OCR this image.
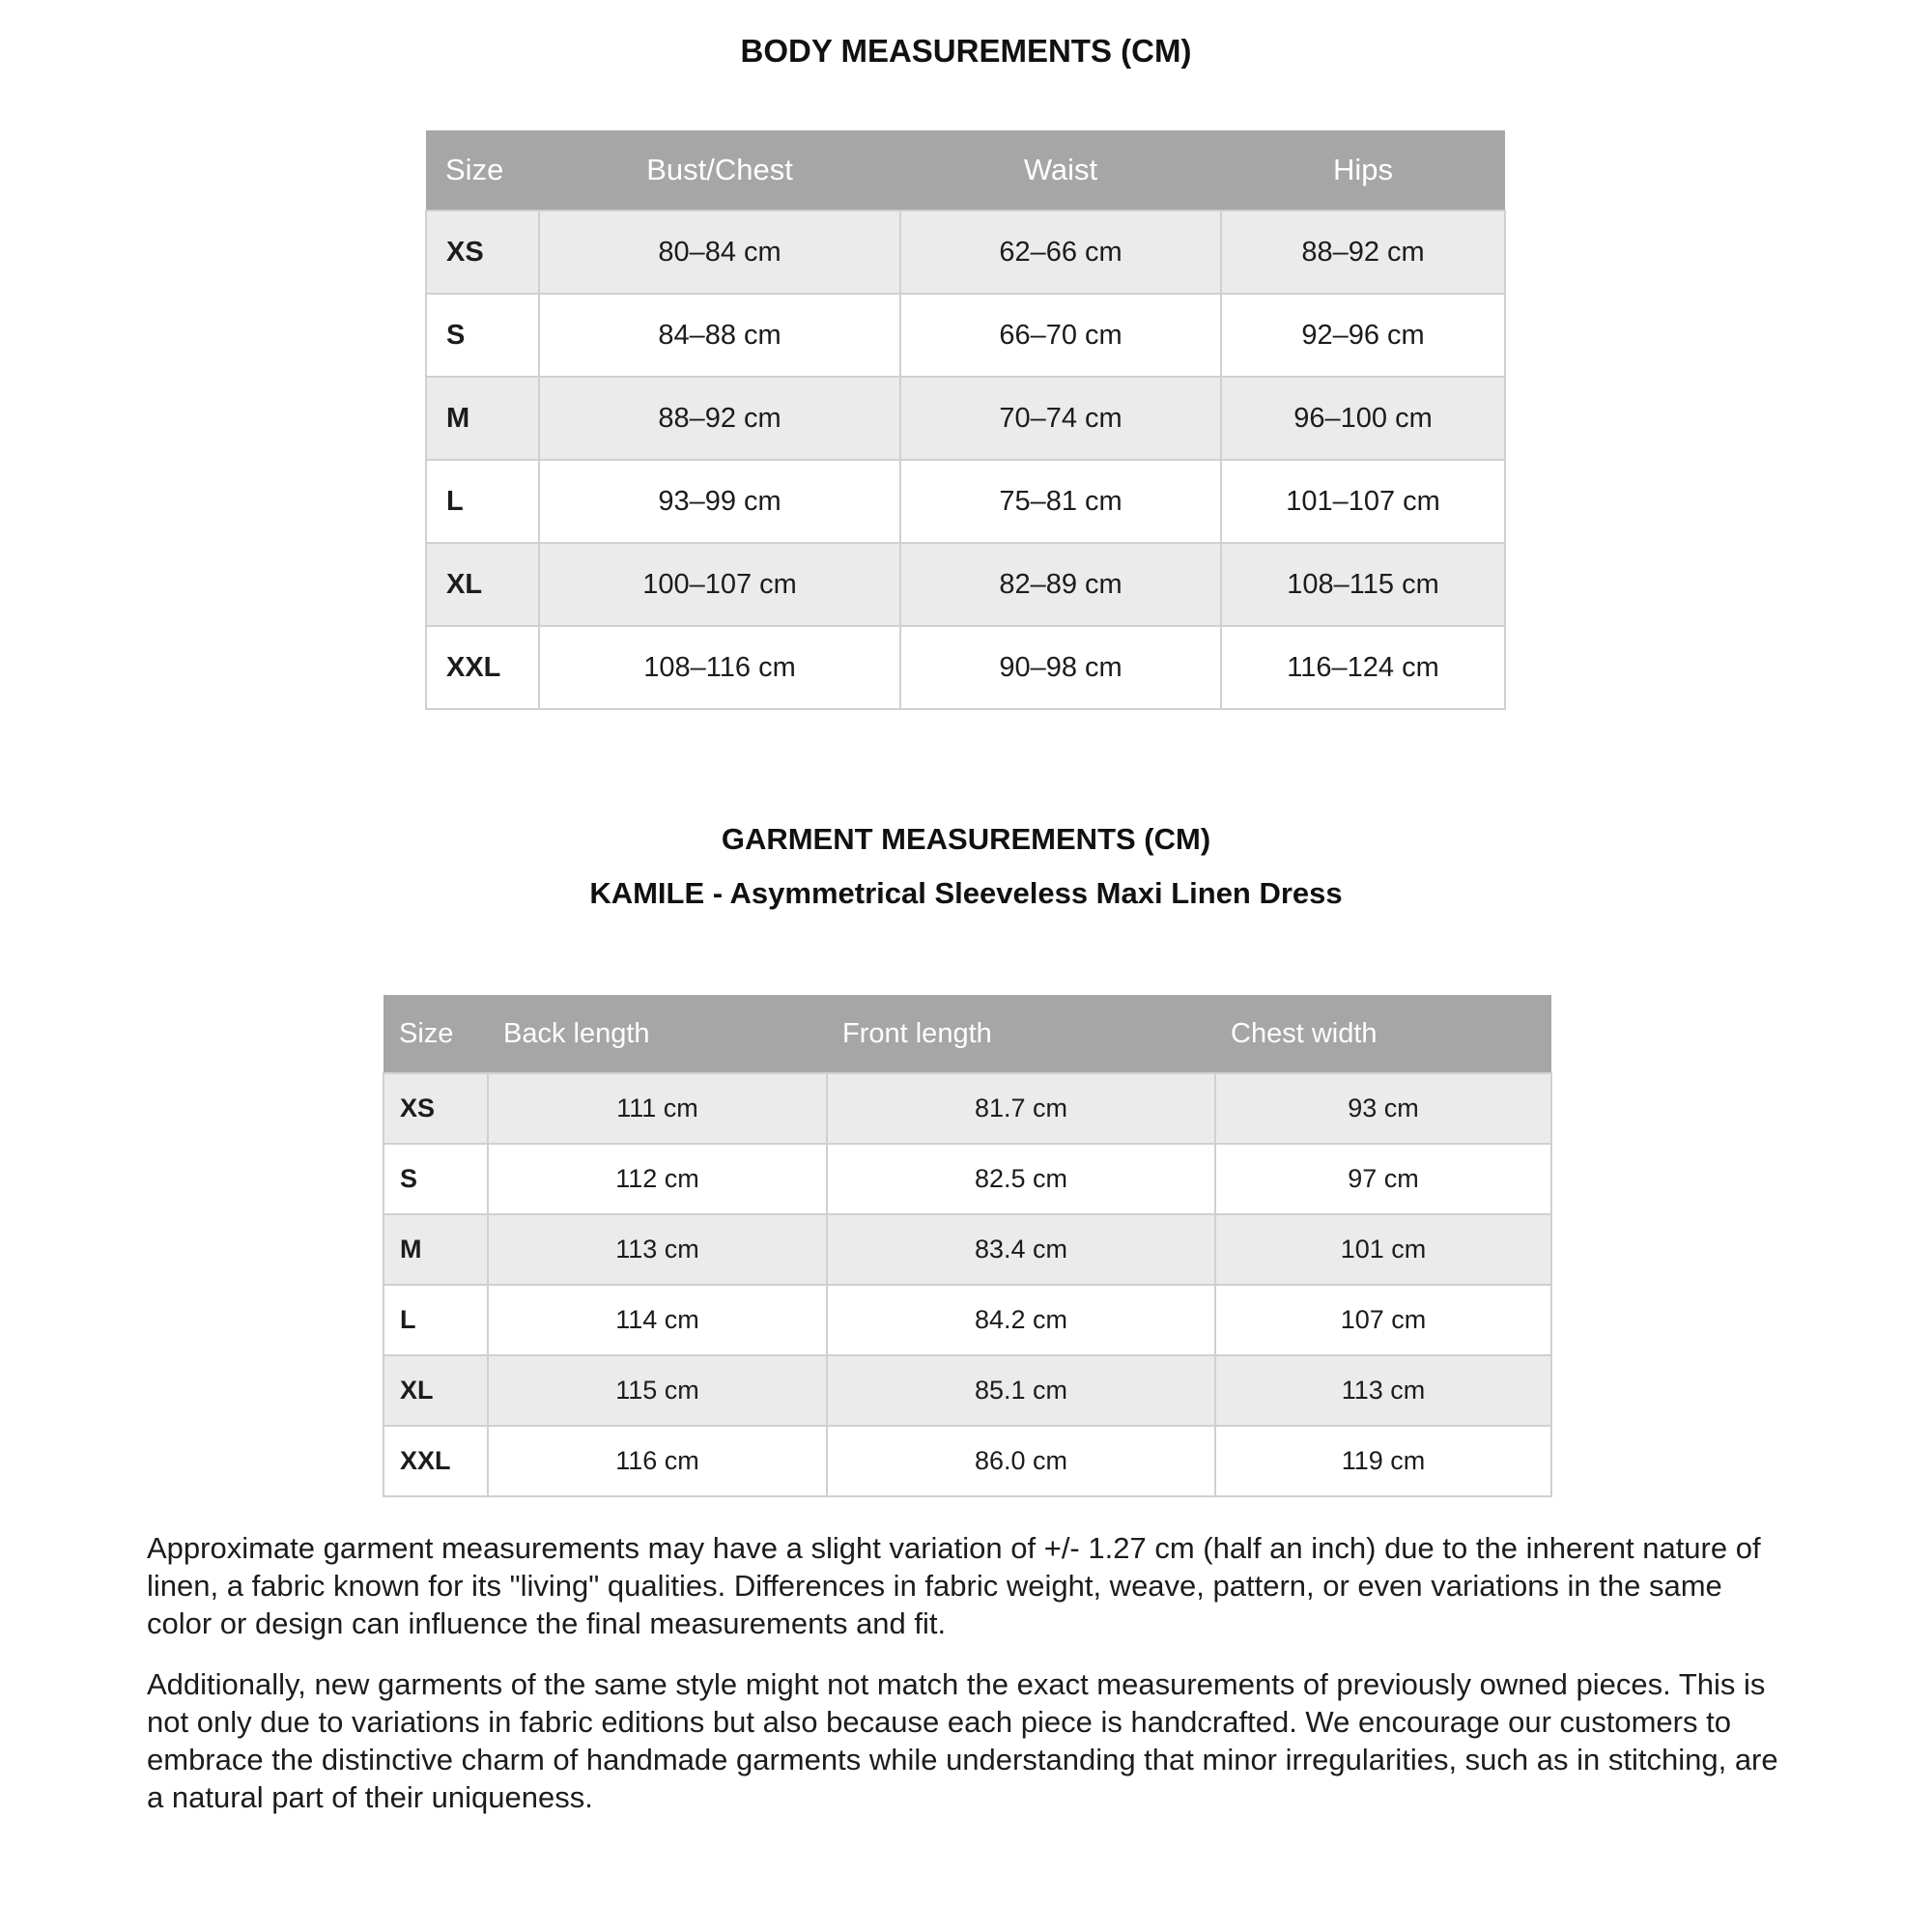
BODY MEASUREMENTS (CM)
Size	Bust/Chest	Waist	Hips
XS	80–84 cm	62–66 cm	88–92 cm
S	84–88 cm	66–70 cm	92–96 cm
M	88–92 cm	70–74 cm	96–100 cm
L	93–99 cm	75–81 cm	101–107 cm
XL	100–107 cm	82–89 cm	108–115 cm
XXL	108–116 cm	90–98 cm	116–124 cm
GARMENT MEASUREMENTS (CM)
KAMILE - Asymmetrical Sleeveless Maxi Linen Dress
Size	Back length	Front length	Chest width
XS	111 cm	81.7 cm	93 cm
S	112 cm	82.5 cm	97 cm
M	113 cm	83.4 cm	101 cm
L	114 cm	84.2 cm	107 cm
XL	115 cm	85.1 cm	113 cm
XXL	116 cm	86.0 cm	119 cm

Approximate garment measurements may have a slight variation of +/- 1.27 cm (half an inch) due to the inherent nature of linen, a fabric known for its "living" qualities. Differences in fabric weight, weave, pattern, or even variations in the same color or design can influence the final measurements and fit.

Additionally, new garments of the same style might not match the exact measurements of previously owned pieces. This is not only due to variations in fabric editions but also because each piece is handcrafted. We encourage our customers to embrace the distinctive charm of handmade garments while understanding that minor irregularities, such as in stitching, are a natural part of their uniqueness.
